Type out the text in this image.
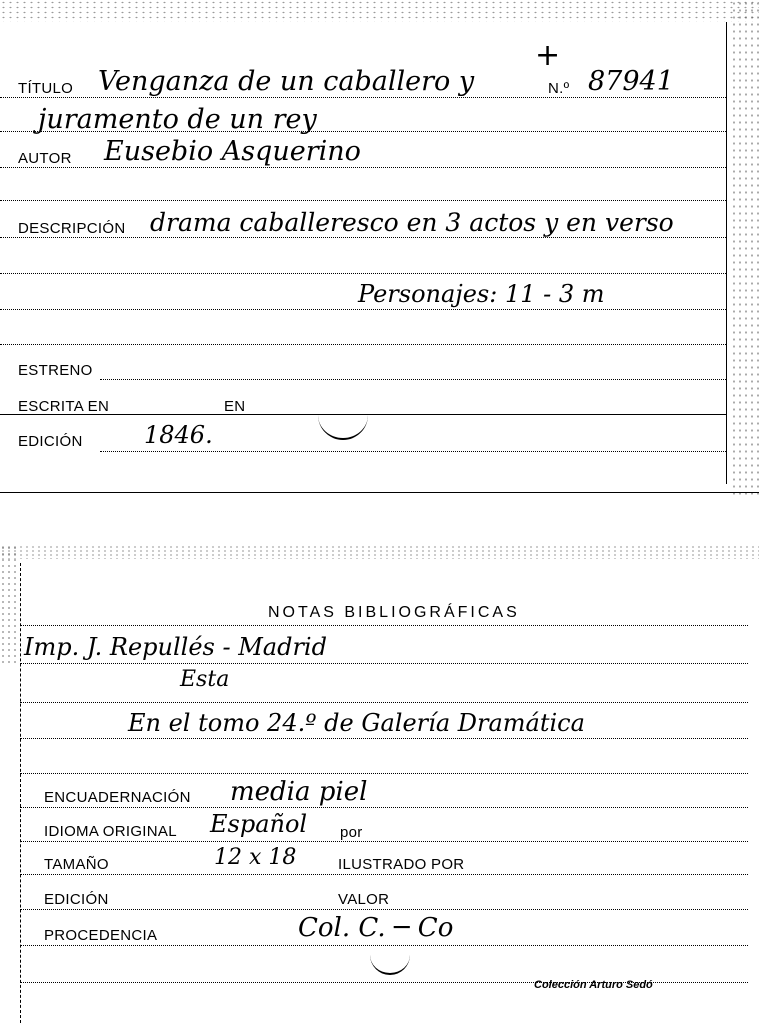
+
TÍTULO Venganza de un caballero y	N.º 87941
juramento de un rey
AUTOR Eusebio Asquerino
DESCRIPCIÓN drama caballeresco en 3 actos y en verso
Personajes: 11 - 3 m
ESTRENO
ESCRITA EN	EN
EDICIÓN	1846.
NOTAS BIBLIOGRÁFICAS
Imp. J. Repullés - Madrid
Esta
En el tomo 24.º de Galería Dramática
ENCUADERNACIÓN media piel
IDIOMA ORIGINAL Español por
TAMAÑO	12 x 18	ILUSTRADO POR
EDICIÓN	VALOR
PROCEDENCIA	Col. C. ─ Co
Colección Arturo Sedó
